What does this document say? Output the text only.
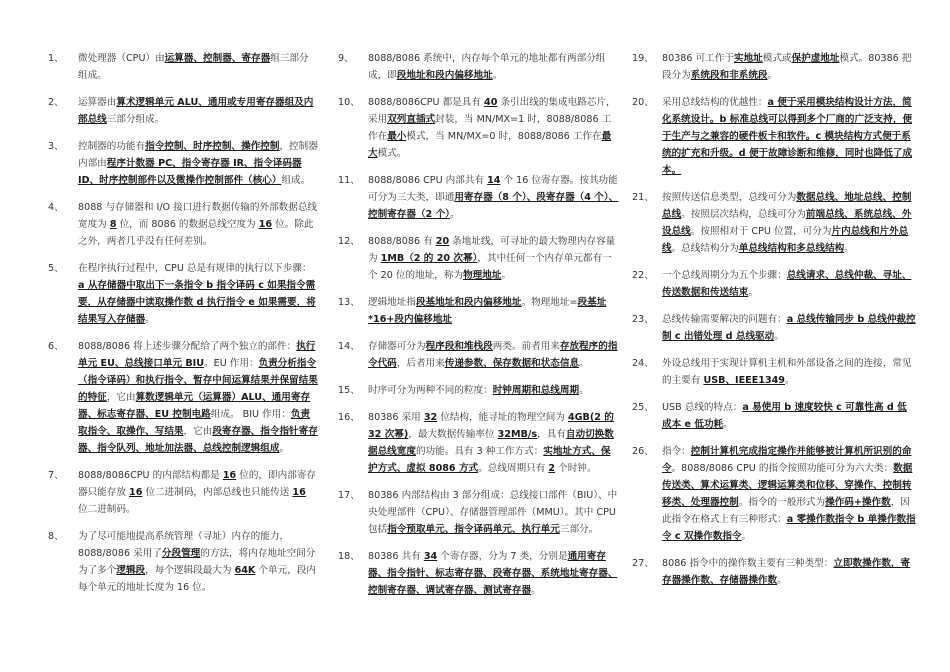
1、 微处理器（CPU）由运算器、控制器、寄存器组三部分组成。
2、 运算器由算术逻辑单元 ALU、通用或专用寄存器组及内部总线三部分组成。
3、 控制器的功能有指令控制、时序控制、操作控制，控制器内部由程序计数器 PC、指令寄存器 IR、指令译码器 ID、时序控制部件以及微操作控制部件（核心）组成。
4、 8088 与存储器和 I/O 接口进行数据传输的外部数据总线宽度为 8 位，而 8086 的数据总线空度为 16 位。除此之外，两者几乎没有任何差别。
5、 在程序执行过程中，CPU 总是有规律的执行以下步骤：a 从存储器中取出下一条指令 b 指令译码 c 如果指令需要，从存储器中读取操作数 d 执行指令 e 如果需要，将结果写入存储器。
6、 8088/8086 将上述步骤分配给了两个独立的部件：执行单元 EU、总线接口单元 BIU。EU 作用：负责分析指令（指令译码）和执行指令、暂存中间运算结果并保留结果的特征，它由算数逻辑单元（运算器）ALU、通用寄存器、标志寄存器、EU 控制电路组成。 BIU 作用：负责取指令、取操作、写结果，它由段寄存器、指令指针寄存器、指令队列、地址加法器、总线控制逻辑组成。
7、 8088/8086CPU 的内部结构都是 16 位的，即内部寄存器只能存放 16 位二进制码，内部总线也只能传送 16 位二进制码。
8、 为了尽可能地提高系统管理（寻址）内存的能力，8088/8086 采用了分段管理的方法，将内存地址空间分为了多个逻辑段，每个逻辑段最大为 64K 个单元，段内每个单元的地址长度为 16 位。
9、 8088/8086 系统中，内存每个单元的地址都有两部分组成，即段地址和段内偏移地址。
10、 8088/8086CPU 都是具有 40 条引出线的集成电路芯片，采用双列直插式封装，当 MN/MX=1 时，8088/8086 工作在最小模式，当 MN/MX=0 时，8088/8086 工作在最大模式。
11、 8088/8086 CPU 内部共有 14 个 16 位寄存器。按其功能可分为三大类，即通用寄存器（8 个）、段寄存器（4 个）、控制寄存器（2 个）。
12、 8088/8086 有 20 条地址线，可寻址的最大物理内存容量为 1MB（2 的 20 次幂），其中任何一个内存单元都有一个 20 位的地址，称为物理地址。
13、 逻辑地址指段基地址和段内偏移地址。物理地址=段基址*16+段内偏移地址
14、 存储器可分为程序段和堆栈段两类。前者用来存放程序的指令代码，后者用来传递参数、保存数据和状态信息。
15、 时序可分为两种不同的粒度：时钟周期和总线周期。
16、 80386 采用 32 位结构，能寻址的物理空间为 4GB(2 的 32 次幂)，最大数据传输率位 32MB/s，具有自动切换数据总线宽度的功能。具有 3 种工作方式：实地址方式、保护方式、虚拟 8086 方式。总线周期只有 2 个时钟。
17、 80386 内部结构由 3 部分组成：总线接口部件（BIU）、中央处理部件（CPU）、存储器管理部件（MMU）。其中 CPU 包括指令预取单元、指令译码单元、执行单元三部分。
18、 80386 共有 34 个寄存器，分为 7 类，分别是通用寄存器、指令指针、标志寄存器、段寄存器、系统地址寄存器、控制寄存器、调试寄存器、测试寄存器。
19、 80386 可工作于实地址模式或保护虚地址模式。80386 把段分为系统段和非系统段。
20、 采用总线结构的优越性：a 便于采用模块结构设计方法，简化系统设计。b 标准总线可以得到多个厂商的广泛支持，便于生产与之兼容的硬件板卡和软件。c 模块结构方式便于系统的扩充和升级。d 便于故障诊断和维修，同时也降低了成本。
21、 按照传送信息类型，总线可分为数据总线、地址总线、控制总线。按照层次结构，总线可分为前端总线、系统总线、外设总线。按照相对于 CPU 位置，可分为片内总线和片外总线。总线结构分为单总线结构和多总线结构。
22、 一个总线周期分为五个步骤：总线请求、总线仲裁、寻址、传送数据和传送结束。
23、 总线传输需要解决的问题有：a 总线传输同步 b 总线仲裁控制 c 出错处理 d 总线驱动。
24、 外设总线用于实现计算机主机和外部设备之间的连接，常见的主要有 USB、IEEE1349。
25、 USB 总线的特点：a 易使用 b 速度较快 c 可靠性高 d 低成本 e 低功耗。
26、 指令：控制计算机完成指定操作并能够被计算机所识别的命令。8088/8086 CPU 的指令按照功能可分为六大类：数据传送类、算术运算类、逻辑运算类和位移、穿操作、控制转移类、处理器控制。指令的一般形式为操作码+操作数，因此指令在格式上有三种形式：a 零操作数指令 b 单操作数指令 c 双操作数指令。
27、 8086 指令中的操作数主要有三种类型：立即数操作数，寄存器操作数、存储器操作数。
